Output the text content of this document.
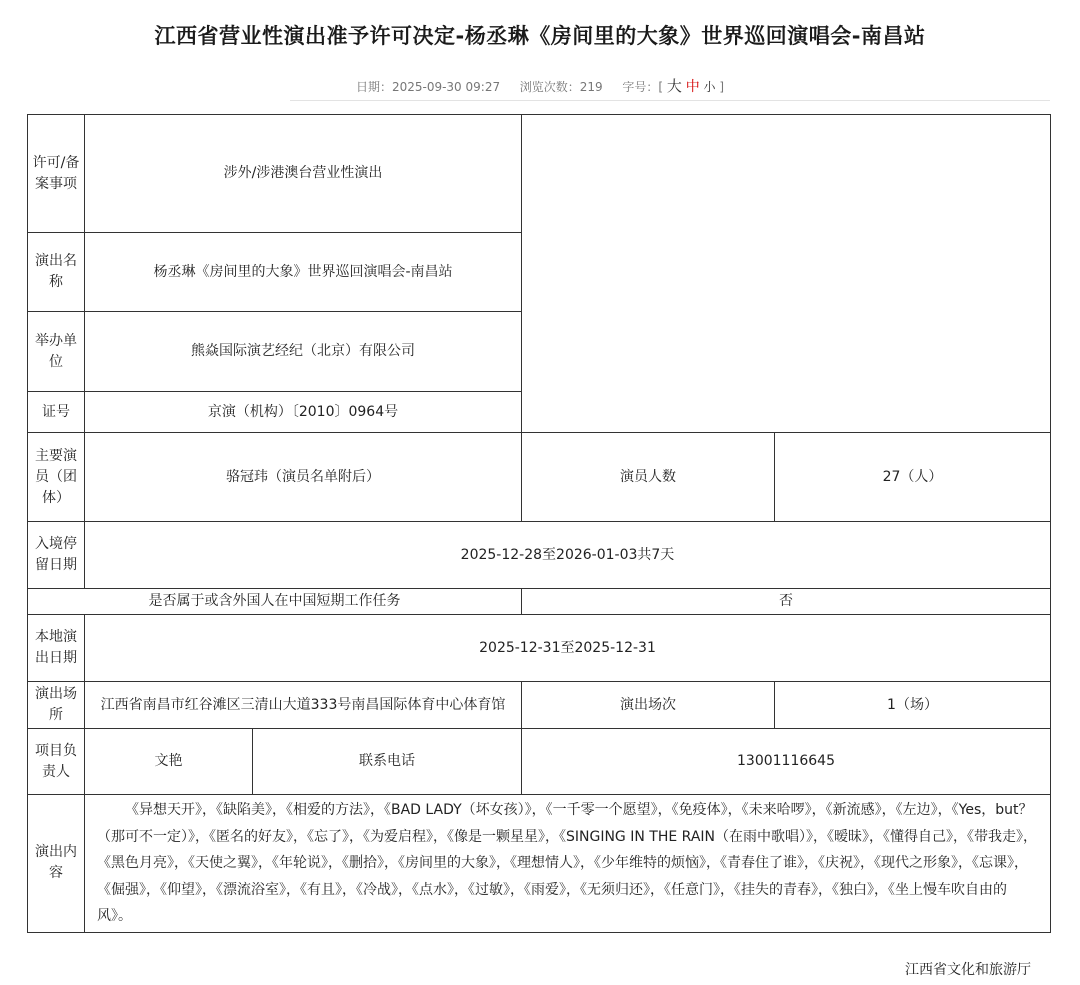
江西省营业性演出准予许可决定-杨丞琳《房间里的大象》世界巡回演唱会-南昌站
日期：2025-09-30 09:27 浏览次数：219 字号：[ 大 中 小 ]
许可/备案事项	涉外/涉港澳台营业性演出			
演出名称	杨丞琳《房间里的大象》世界巡回演唱会-南昌站			
举办单位	熊焱国际演艺经纪（北京）有限公司			
证号	京演（机构）〔2010〕0964号			
主要演员（团体）	骆冠玮（演员名单附后）		演员人数	27（人）
入境停留日期	2025-12-28至2026-01-03共7天			
是否属于或含外国人在中国短期工作任务			否	
本地演出日期	2025-12-31至2025-12-31			
演出场所	江西省南昌市红谷滩区三清山大道333号南昌国际体育中心体育馆		演出场次	1（场）
项目负责人	文艳	联系电话	13001116645	
演出内容	《异想天开》，《缺陷美》，《相爱的方法》，《BAD LADY（坏女孩）》，《一千零一个愿望》，《免疫体》，《未来哈啰》，《新流感》，《左边》，《Yes，but？（那可不一定）》，《匿名的好友》，《忘了》，《为爱启程》，《像是一颗星星》，《SINGING IN THE RAIN（在雨中歌唱）》，《暧昧》，《懂得自己》，《带我走》，《黑色月亮》，《天使之翼》，《年轮说》，《删拾》，《房间里的大象》，《理想情人》，《少年维特的烦恼》，《青春住了谁》，《庆祝》，《现代之形象》，《忘课》，《倔强》，《仰望》，《漂流浴室》，《有且》，《冷战》，《点水》，《过敏》，《雨爱》，《无须归还》，《任意门》，《挂失的青春》，《独白》，《坐上慢车吹自由的风》。			
江西省文化和旅游厅
